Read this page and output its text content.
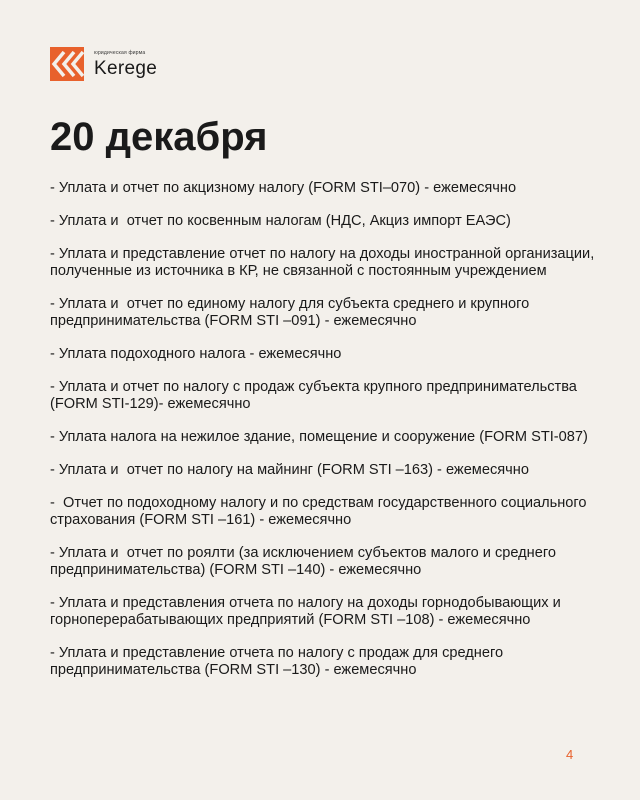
юридическая фирма
Kerege
20 декабря
- Уплата и отчет по акцизному налогу (FORM STI–070) - ежемесячно
- Уплата и  отчет по косвенным налогам (НДС, Акциз импорт ЕАЭС)
- Уплата и представление отчет по налогу на доходы иностранной организации, полученные из источника в КР, не связанной с постоянным учреждением
- Уплата и  отчет по единому налогу для субъекта среднего и крупного предпринимательства (FORM STI –091) - ежемесячно
- Уплата подоходного налога - ежемесячно
- Уплата и отчет по налогу с продаж субъекта крупного предпринимательства (FORM STI-129)- ежемесячно
- Уплата налога на нежилое здание, помещение и сооружение (FORM STI-087)
- Уплата и  отчет по налогу на майнинг (FORM STI –163) - ежемесячно
-  Отчет по подоходному налогу и по средствам государственного социального страхования (FORM STI –161) - ежемесячно
- Уплата и  отчет по роялти (за исключением субъектов малого и среднего предпринимательства) (FORM STI –140) - ежемесячно
- Уплата и представления отчета по налогу на доходы горнодобывающих и горноперерабатывающих предприятий (FORM STI –108) - ежемесячно
- Уплата и представление отчета по налогу с продаж для среднего предпринимательства (FORM STI –130) - ежемесячно
4
